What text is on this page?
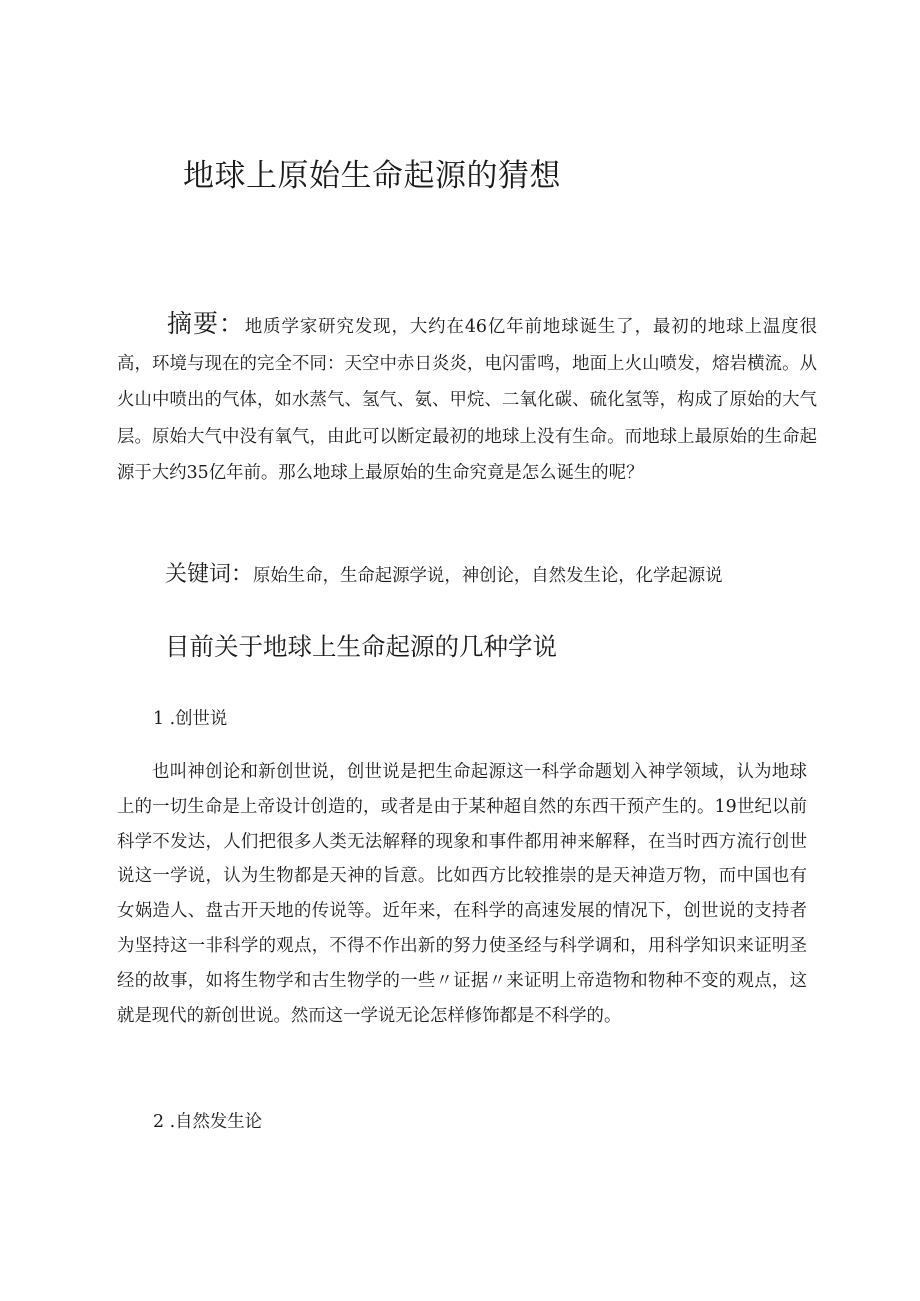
地球上原始生命起源的猜想

摘要：地质学家研究发现，大约在46亿年前地球诞生了，最初的地球上温度很高，环境与现在的完全不同：天空中赤日炎炎，电闪雷鸣，地面上火山喷发，熔岩横流。从火山中喷出的气体，如水蒸气、氢气、氨、甲烷、二氧化碳、硫化氢等，构成了原始的大气层。原始大气中没有氧气，由此可以断定最初的地球上没有生命。而地球上最原始的生命起源于大约35亿年前。那么地球上最原始的生命究竟是怎么诞生的呢？

关键词：原始生命，生命起源学说，神创论，自然发生论，化学起源说

目前关于地球上生命起源的几种学说
1 .创世说

也叫神创论和新创世说，创世说是把生命起源这一科学命题划入神学领域，认为地球上的一切生命是上帝设计创造的，或者是由于某种超自然的东西干预产生的。19世纪以前科学不发达，人们把很多人类无法解释的现象和事件都用神来解释，在当时西方流行创世说这一学说，认为生物都是天神的旨意。比如西方比较推崇的是天神造万物，而中国也有女娲造人、盘古开天地的传说等。近年来，在科学的高速发展的情况下，创世说的支持者为坚持这一非科学的观点，不得不作出新的努力使圣经与科学调和，用科学知识来证明圣经的故事，如将生物学和古生物学的一些〃证据〃来证明上帝造物和物种不变的观点，这就是现代的新创世说。然而这一学说无论怎样修饰都是不科学的。

2 .自然发生论
